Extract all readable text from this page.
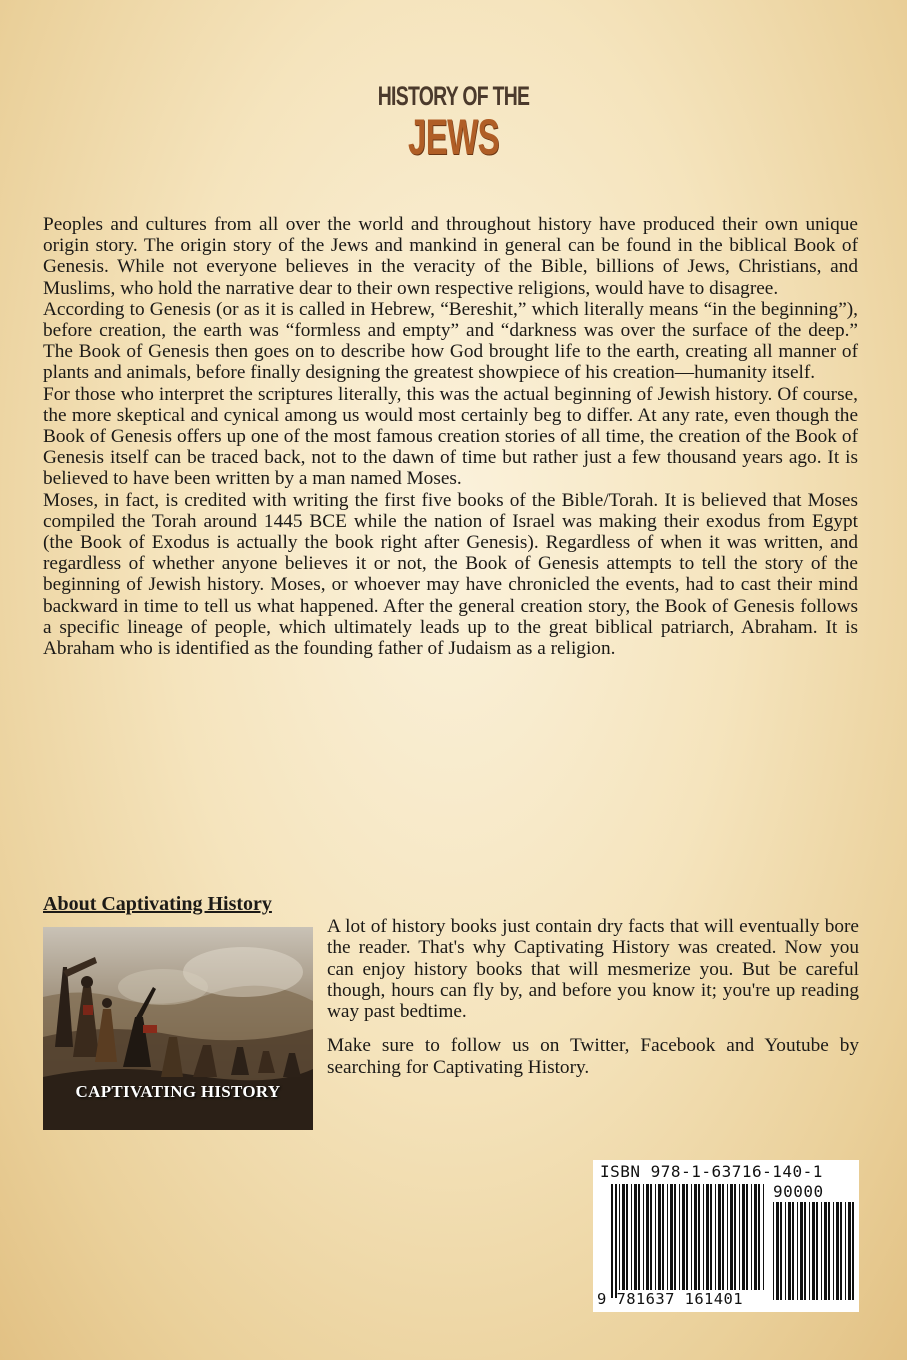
HISTORY OF THE
JEWS

Peoples and cultures from all over the world and throughout history have produced their own unique origin story. The origin story of the Jews and mankind in general can be found in the biblical Book of Genesis. While not everyone believes in the veracity of the Bible, billions of Jews, Christians, and Muslims, who hold the narrative dear to their own respective religions, would have to disagree.

According to Genesis (or as it is called in Hebrew, “Bereshit,” which literally means “in the beginning”), before creation, the earth was “formless and empty” and “darkness was over the surface of the deep.” The Book of Genesis then goes on to describe how God brought life to the earth, creating all manner of plants and animals, before finally designing the greatest showpiece of his creation—humanity itself.

For those who interpret the scriptures literally, this was the actual beginning of Jewish history. Of course, the more skeptical and cynical among us would most certainly beg to differ. At any rate, even though the Book of Genesis offers up one of the most famous creation stories of all time, the creation of the Book of Genesis itself can be traced back, not to the dawn of time but rather just a few thousand years ago. It is believed to have been written by a man named Moses.

Moses, in fact, is credited with writing the first five books of the Bible/Torah. It is believed that Moses compiled the Torah around 1445 BCE while the nation of Israel was making their exodus from Egypt (the Book of Exodus is actually the book right after Genesis). Regardless of when it was written, and regardless of whether anyone believes it or not, the Book of Genesis attempts to tell the story of the beginning of Jewish history. Moses, or whoever may have chronicled the events, had to cast their mind backward in time to tell us what happened. After the general creation story, the Book of Genesis follows a specific lineage of people, which ultimately leads up to the great biblical patriarch, Abraham. It is Abraham who is identified as the founding father of Judaism as a religion.

About Captivating History
CAPTIVATING HISTORY

A lot of history books just contain dry facts that will eventually bore the reader. That's why Captivating History was created. Now you can enjoy history books that will mesmerize you. But be careful though, hours can fly by, and before you know it; you're up reading way past bedtime.

Make sure to follow us on Twitter, Facebook and Youtube by searching for Captivating History.

ISBN 978-1-63716-140-1
90000
9 781637 161401
